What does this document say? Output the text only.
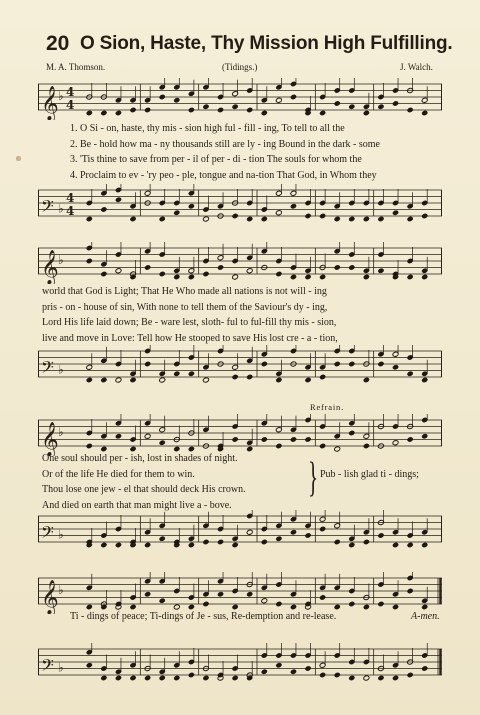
20 O Sion, Haste, Thy Mission High Fulfilling.
M. A. Thomson.	(Tidings.)	J. Walch.
𝄞 ♭ 4
4
1. O Si - on, haste, thy mis - sion high ful - fill - ing, To tell to all the
2. Be - hold how ma - ny thousands still are ly - ing Bound in the dark - some
3. 'Tis thine to save from per - il of per - di - tion The souls for whom the
4. Proclaim to ev - 'ry peo - ple, tongue and na-tion That God, in Whom they
𝄢 ♭
4
4
𝄞 ♭
world that God is Light; That He Who made all nations is not will - ing
pris - on - house of sin, With none to tell them of the Saviour's dy - ing,
Lord His life laid down; Be - ware lest, sloth- ful to ful-fill thy mis - sion,
live and move in Love: Tell how He stooped to save His lost cre - a - tion,
𝄢 ♭
Refrain.
𝄞 ♭
One soul should per - ish, lost in shades of night.
Or of the life He died for them to win.
Thou lose one jew - el that should deck His crown.
And died on earth that man might live a - bove.
} Pub - lish glad ti - dings;
𝄢 ♭
𝄞 ♭
Ti - dings of peace; Ti-dings of Je - sus, Re-demption and re-lease.	A-men.
𝄢 ♭
